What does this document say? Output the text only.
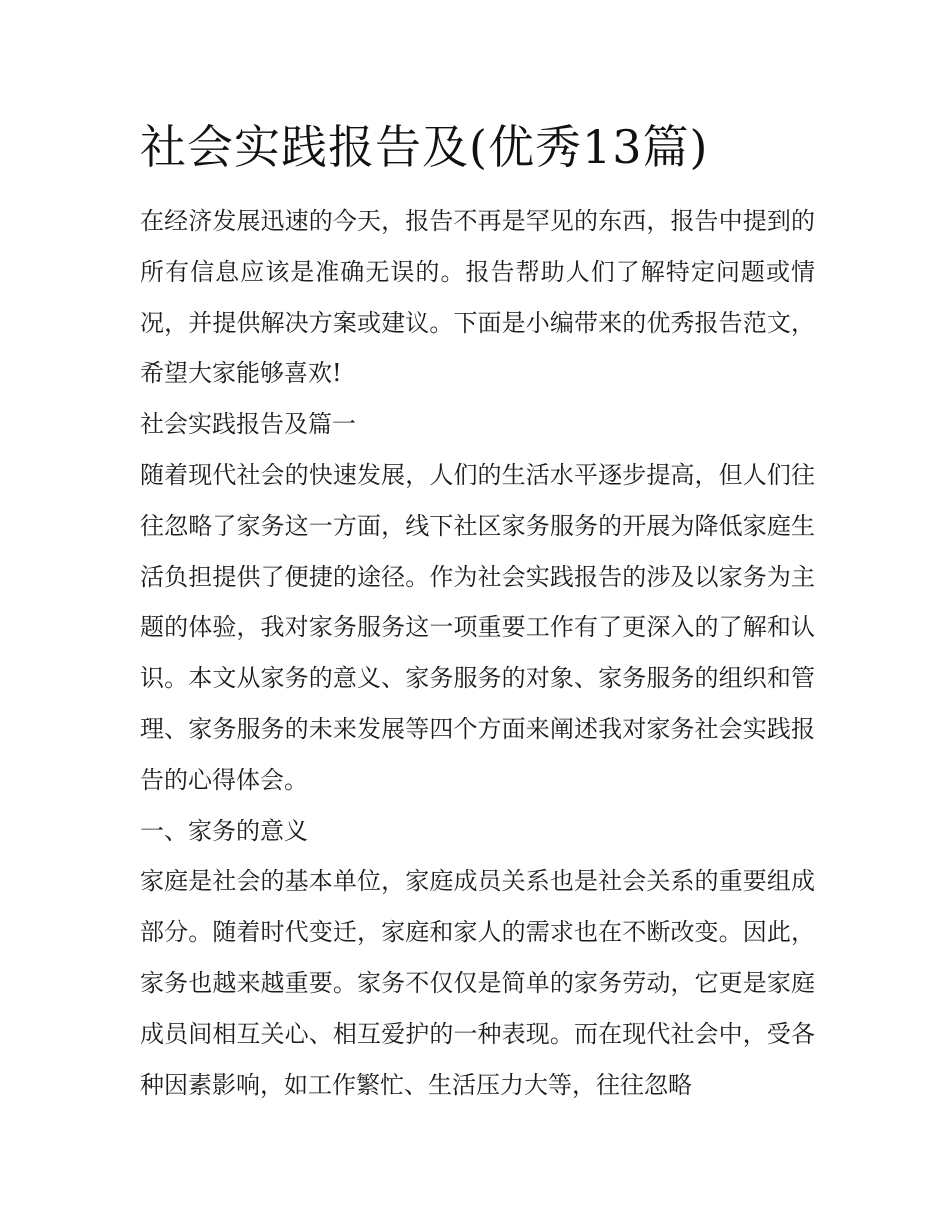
社会实践报告及(优秀13篇)

在经济发展迅速的今天，报告不再是罕见的东西，报告中提到的所有信息应该是准确无误的。报告帮助人们了解特定问题或情况，并提供解决方案或建议。下面是小编带来的优秀报告范文，希望大家能够喜欢!

社会实践报告及篇一

随着现代社会的快速发展，人们的生活水平逐步提高，但人们往往忽略了家务这一方面，线下社区家务服务的开展为降低家庭生活负担提供了便捷的途径。作为社会实践报告的涉及以家务为主题的体验，我对家务服务这一项重要工作有了更深入的了解和认识。本文从家务的意义、家务服务的对象、家务服务的组织和管理、家务服务的未来发展等四个方面来阐述我对家务社会实践报告的心得体会。

一、家务的意义

家庭是社会的基本单位，家庭成员关系也是社会关系的重要组成部分。随着时代变迁，家庭和家人的需求也在不断改变。因此，家务也越来越重要。家务不仅仅是简单的家务劳动，它更是家庭成员间相互关心、相互爱护的一种表现。而在现代社会中，受各种因素影响，如工作繁忙、生活压力大等，往往忽略
